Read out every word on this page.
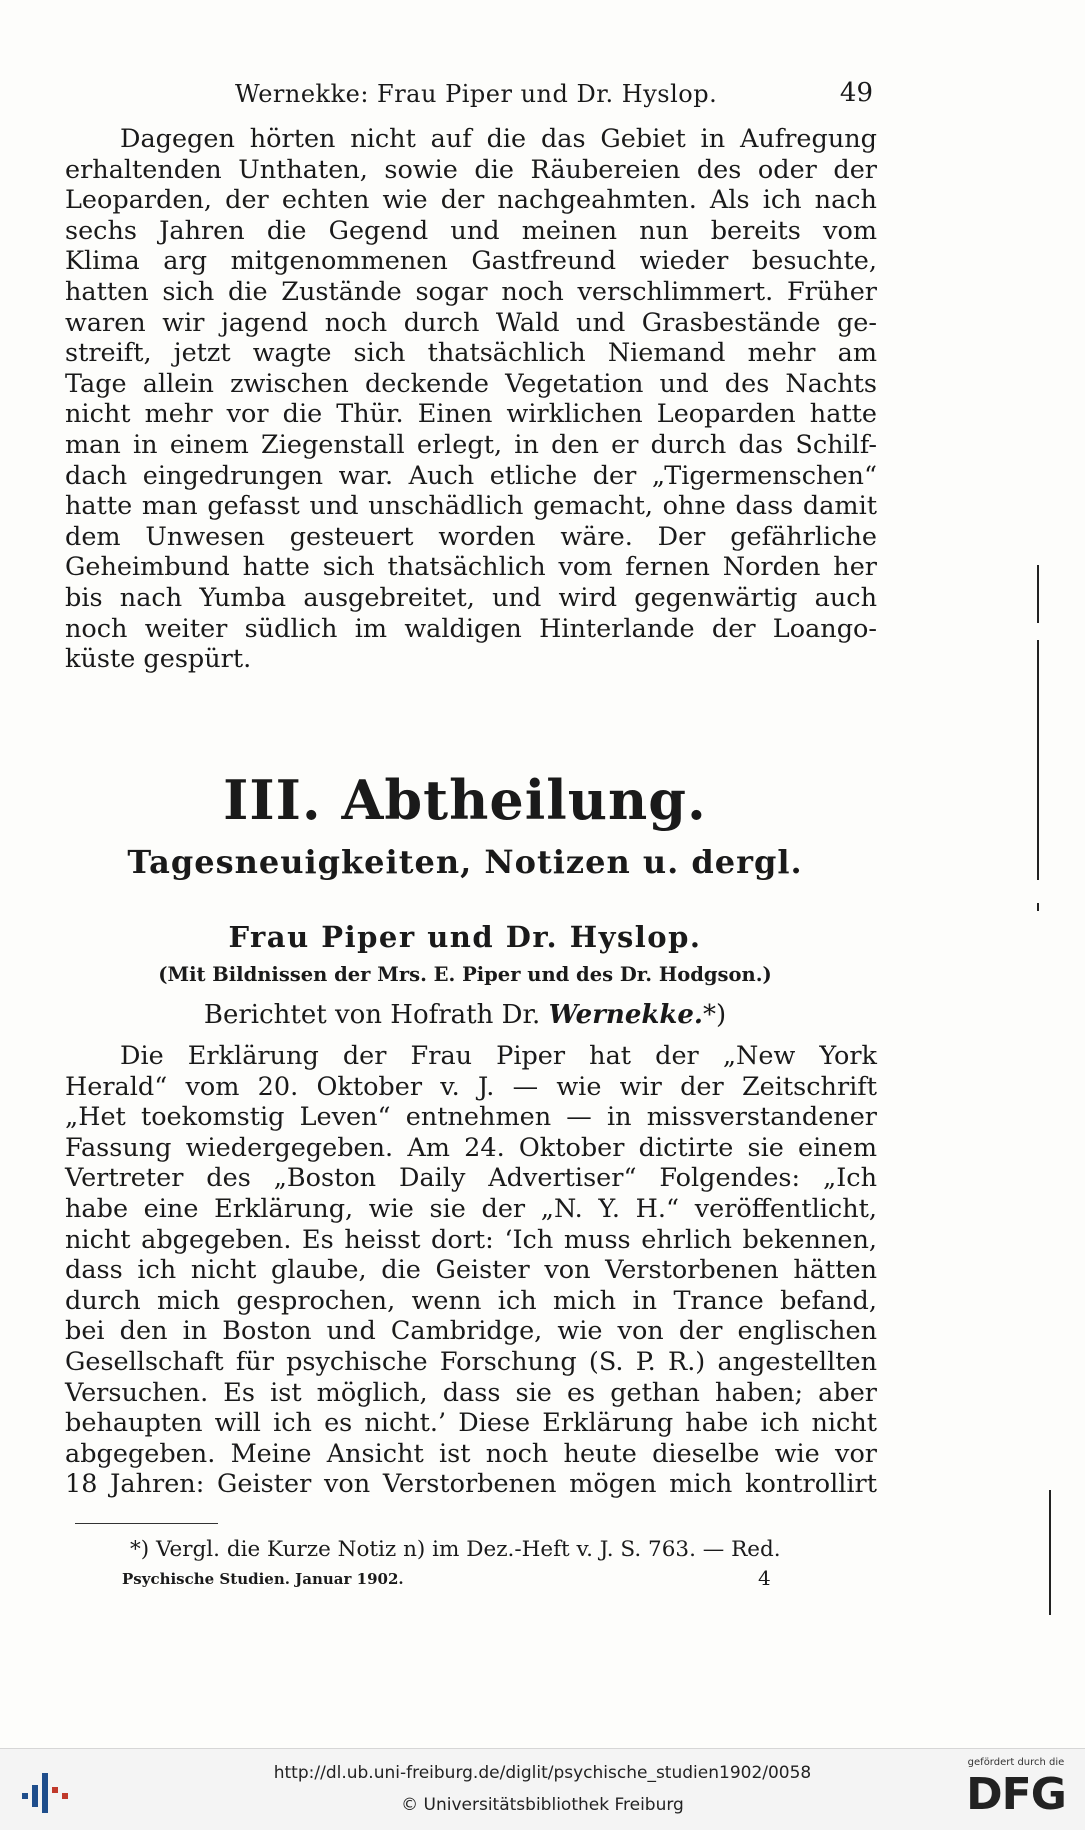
Wernekke: Frau Piper und Dr. Hyslop.	49
Dagegen hörten nicht auf die das Gebiet in Aufregung
erhaltenden Unthaten, sowie die Räubereien des oder der
Leoparden, der echten wie der nachgeahmten. Als ich nach
sechs Jahren die Gegend und meinen nun bereits vom
Klima arg mitgenommenen Gastfreund wieder besuchte,
hatten sich die Zustände sogar noch verschlimmert. Früher
waren wir jagend noch durch Wald und Grasbestände ge-
streift, jetzt wagte sich thatsächlich Niemand mehr am
Tage allein zwischen deckende Vegetation und des Nachts
nicht mehr vor die Thür. Einen wirklichen Leoparden hatte
man in einem Ziegenstall erlegt, in den er durch das Schilf-
dach eingedrungen war. Auch etliche der „Tigermenschen“
hatte man gefasst und unschädlich gemacht, ohne dass damit
dem Unwesen gesteuert worden wäre. Der gefährliche
Geheimbund hatte sich thatsächlich vom fernen Norden her
bis nach Yumba ausgebreitet, und wird gegenwärtig auch
noch weiter südlich im waldigen Hinterlande der Loango-
küste gespürt.
III. Abtheilung.
Tagesneuigkeiten, Notizen u. dergl.
Frau Piper und Dr. Hyslop.
(Mit Bildnissen der Mrs. E. Piper und des Dr. Hodgson.)
Berichtet von Hofrath Dr. Wernekke.*)
Die Erklärung der Frau Piper hat der „New York
Herald“ vom 20. Oktober v. J. — wie wir der Zeitschrift
„Het toekomstig Leven“ entnehmen — in missverstandener
Fassung wiedergegeben. Am 24. Oktober dictirte sie einem
Vertreter des „Boston Daily Advertiser“ Folgendes: „Ich
habe eine Erklärung, wie sie der „N. Y. H.“ veröffentlicht,
nicht abgegeben. Es heisst dort: ‘Ich muss ehrlich bekennen,
dass ich nicht glaube, die Geister von Verstorbenen hätten
durch mich gesprochen, wenn ich mich in Trance befand,
bei den in Boston und Cambridge, wie von der englischen
Gesellschaft für psychische Forschung (S. P. R.) angestellten
Versuchen. Es ist möglich, dass sie es gethan haben; aber
behaupten will ich es nicht.’ Diese Erklärung habe ich nicht
abgegeben. Meine Ansicht ist noch heute dieselbe wie vor
18 Jahren: Geister von Verstorbenen mögen mich kontrollirt
*) Vergl. die Kurze Notiz n) im Dez.-Heft v. J. S. 763. — Red.
Psychische Studien. Januar 1902.	4
http://dl.ub.uni-freiburg.de/diglit/psychische_studien1902/0058
© Universitätsbibliothek Freiburg
gefördert durch die
DFG
